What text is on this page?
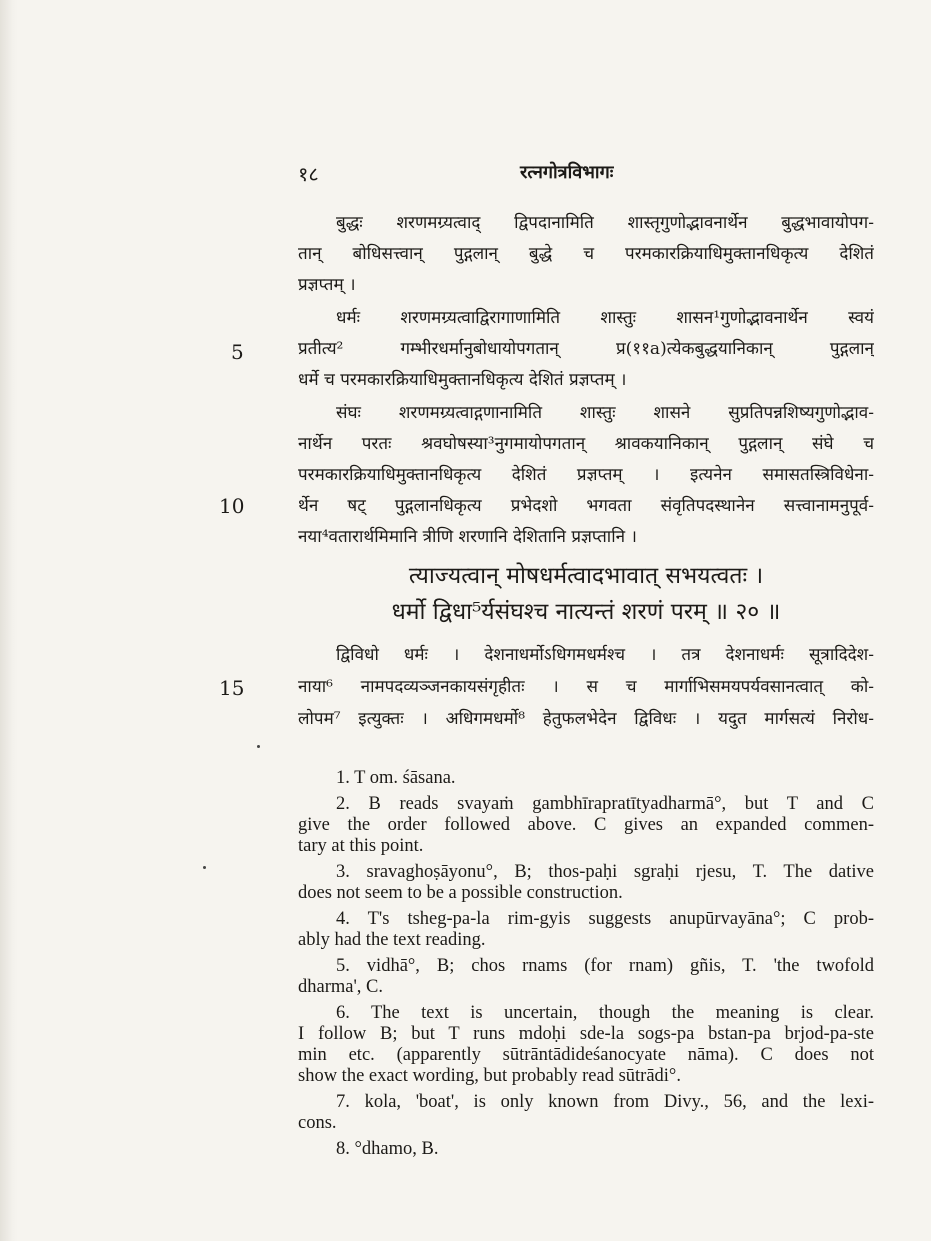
१८	रत्नगोत्रविभागः
5
10
15
बुद्धः शरणमग्र्यत्वाद् द्विपदानामिति शास्तृगुणोद्भावनार्थेन बुद्धभावायोपग-
तान् बोधिसत्त्वान् पुद्गलान् बुद्धे च परमकारक्रियाधिमुक्तानधिकृत्य देशितं
प्रज्ञप्तम् ।
धर्मः शरणमग्र्यत्वाद्विरागाणामिति शास्तुः शासन¹गुणोद्भावनार्थेन स्वयं
प्रतीत्य² गम्भीरधर्मानुबोधायोपगतान् प्र(११a)त्येकबुद्धयानिकान् पुद्गलान्
धर्मे च परमकारक्रियाधिमुक्तानधिकृत्य देशितं प्रज्ञप्तम् ।
संघः शरणमग्र्यत्वाद्गणानामिति शास्तुः शासने सुप्रतिपन्नशिष्यगुणोद्भाव-
नार्थेन परतः श्रवघोषस्या³नुगमायोपगतान् श्रावकयानिकान् पुद्गलान् संघे च
परमकारक्रियाधिमुक्तानधिकृत्य देशितं प्रज्ञप्तम् । इत्यनेन समासतस्त्रिविधेना-
र्थेन षट् पुद्गलानधिकृत्य प्रभेदशो भगवता संवृतिपदस्थानेन सत्त्वानामनुपूर्व-
नया⁴वतारार्थमिमानि त्रीणि शरणानि देशितानि प्रज्ञप्तानि ।
त्याज्यत्वान् मोषधर्मत्वादभावात् सभयत्वतः ।
धर्मो द्विधा⁵र्यसंघश्च नात्यन्तं शरणं परम् ॥ २० ॥
द्विविधो धर्मः । देशनाधर्मोऽधिगमधर्मश्च । तत्र देशनाधर्मः सूत्रादिदेश-
नाया⁶ नामपदव्यञ्जनकायसंगृहीतः । स च मार्गाभिसमयपर्यवसानत्वात् को-
लोपम⁷ इत्युक्तः । अधिगमधर्मो⁸ हेतुफलभेदेन द्विविधः । यदुत मार्गसत्यं निरोध-
1. T om. śāsana.
2. B reads svayaṁ gambhīrapratītyadharmā°, but T and C
give the order followed above. C gives an expanded commen-
tary at this point.
3. sravaghoṣāyonu°, B; thos-paḥi sgraḥi rjesu, T. The dative
does not seem to be a possible construction.
4. T's tsheg-pa-la rim-gyis suggests anupūrvayāna°; C prob-
ably had the text reading.
5. vidhā°, B; chos rnams (for rnam) gñis, T. 'the twofold
dharma', C.
6. The text is uncertain, though the meaning is clear.
I follow B; but T runs mdoḥi sde-la sogs-pa bstan-pa brjod-pa-ste
min etc. (apparently sūtrāntādideśanocyate nāma). C does not
show the exact wording, but probably read sūtrādi°.
7. kola, 'boat', is only known from Divy., 56, and the lexi-
cons.
8. °dhamo, B.
